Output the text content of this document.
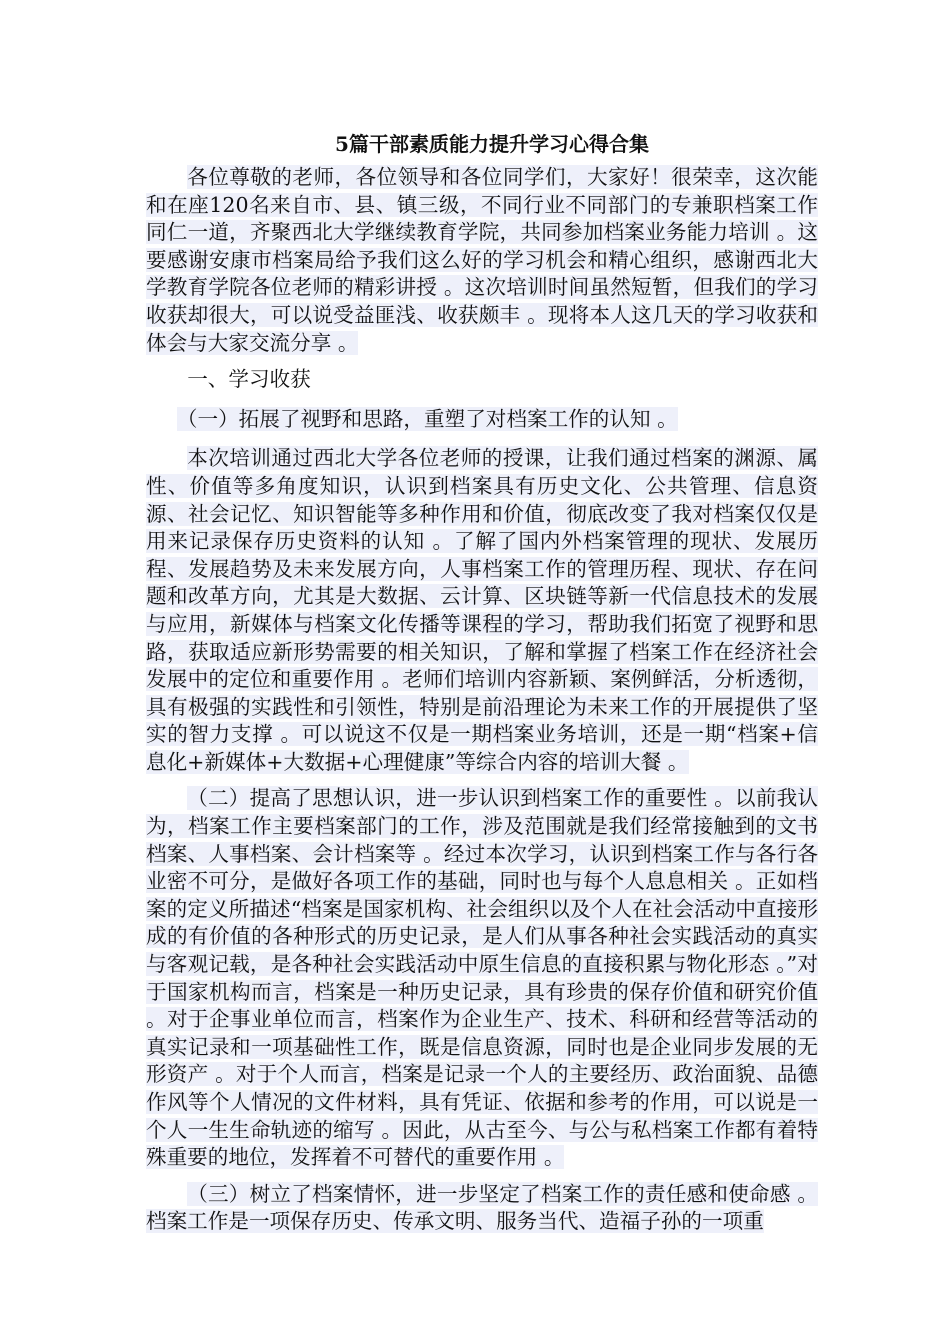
5篇干部素质能力提升学习心得合集

各位尊敬的老师，各位领导和各位同学们，大家好！很荣幸，这次能和在座120名来自市、县、镇三级，不同行业不同部门的专兼职档案工作同仁一道，齐聚西北大学继续教育学院，共同参加档案业务能力培训 。这要感谢安康市档案局给予我们这么好的学习机会和精心组织，感谢西北大学教育学院各位老师的精彩讲授 。这次培训时间虽然短暂，但我们的学习收获却很大，可以说受益匪浅、收获颇丰 。现将本人这几天的学习收获和体会与大家交流分享 。

一、学习收获

（一）拓展了视野和思路，重塑了对档案工作的认知 。

本次培训通过西北大学各位老师的授课，让我们通过档案的渊源、属性、价值等多角度知识，认识到档案具有历史文化、公共管理、信息资源、社会记忆、知识智能等多种作用和价值，彻底改变了我对档案仅仅是用来记录保存历史资料的认知 。了解了国内外档案管理的现状、发展历程、发展趋势及未来发展方向，人事档案工作的管理历程、现状、存在问题和改革方向，尤其是大数据、云计算、区块链等新一代信息技术的发展与应用，新媒体与档案文化传播等课程的学习，帮助我们拓宽了视野和思路，获取适应新形势需要的相关知识，了解和掌握了档案工作在经济社会发展中的定位和重要作用 。老师们培训内容新颖、案例鲜活，分析透彻，具有极强的实践性和引领性，特别是前沿理论为未来工作的开展提供了坚实的智力支撑 。可以说这不仅是一期档案业务培训，还是一期“档案+信息化+新媒体+大数据+心理健康”等综合内容的培训大餐 。

（二）提高了思想认识，进一步认识到档案工作的重要性 。以前我认为，档案工作主要档案部门的工作，涉及范围就是我们经常接触到的文书档案、人事档案、会计档案等 。经过本次学习，认识到档案工作与各行各业密不可分，是做好各项工作的基础，同时也与每个人息息相关 。正如档案的定义所描述“档案是国家机构、社会组织以及个人在社会活动中直接形成的有价值的各种形式的历史记录，是人们从事各种社会实践活动的真实与客观记载，是各种社会实践活动中原生信息的直接积累与物化形态 。”对于国家机构而言，档案是一种历史记录，具有珍贵的保存价值和研究价值 。对于企事业单位而言，档案作为企业生产、技术、科研和经营等活动的真实记录和一项基础性工作，既是信息资源，同时也是企业同步发展的无形资产 。对于个人而言，档案是记录一个人的主要经历、政治面貌、品德作风等个人情况的文件材料，具有凭证、依据和参考的作用，可以说是一个人一生生命轨迹的缩写 。因此，从古至今、与公与私档案工作都有着特殊重要的地位，发挥着不可替代的重要作用 。

（三）树立了档案情怀，进一步坚定了档案工作的责任感和使命感 。档案工作是一项保存历史、传承文明、服务当代、造福子孙的一项重
